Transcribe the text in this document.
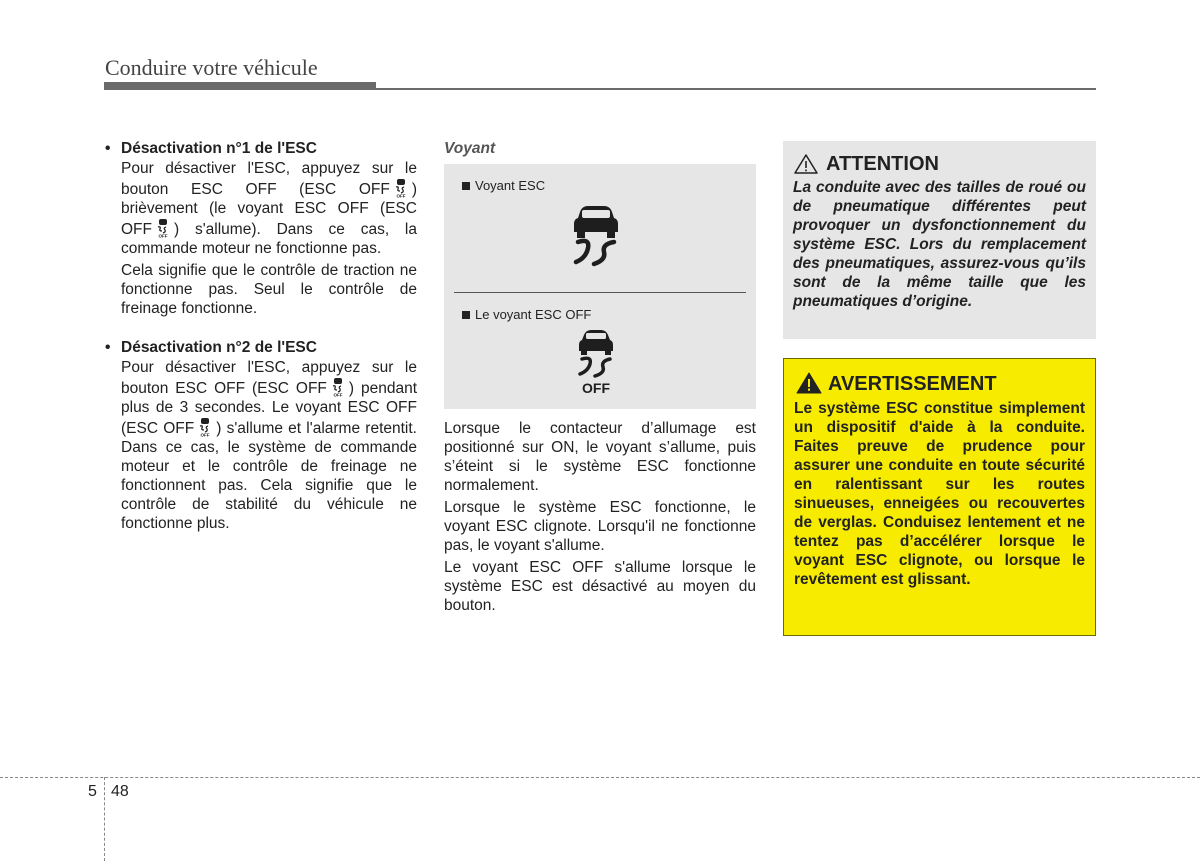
Conduire votre véhicule
• Désactivation n°1 de l'ESC

Pour désactiver l'ESC, appuyez sur le bouton ESC OFF (ESC OFF OFF ) brièvement (le voyant ESC OFF (ESC OFF OFF ) s'allume). Dans ce cas, la commande moteur ne fonctionne pas.

Cela signifie que le contrôle de traction ne fonctionne pas. Seul le contrôle de freinage fonctionne.

• Désactivation n°2 de l'ESC

Pour désactiver l'ESC, appuyez sur le bouton ESC OFF (ESC OFF OFF ) pendant plus de 3 secondes. Le voyant ESC OFF (ESC OFF OFF ) s'allume et l'alarme retentit. Dans ce cas, le système de commande moteur et le contrôle de freinage ne fonctionnent pas. Cela signifie que le contrôle de stabilité du véhicule ne fonctionne plus.

Voyant
Voyant ESC
Le voyant ESC OFF
OFF

Lorsque le contacteur d’allumage est positionné sur ON, le voyant s’allume, puis s’éteint si le système ESC fonctionne normalement.

Lorsque le système ESC fonctionne, le voyant ESC clignote. Lorsqu'il ne fonctionne pas, le voyant s'allume.

Le voyant ESC OFF s'allume lorsque le système ESC est désactivé au moyen du bouton.

ATTENTION
La conduite avec des tailles de roué ou de pneumatique différentes peut provoquer un dysfonctionnement du système ESC. Lors du remplacement des pneumatiques, assurez-vous qu’ils sont de la même taille que les pneumatiques d’origine.
AVERTISSEMENT
Le système ESC constitue simplement un dispositif d'aide à la conduite. Faites preuve de prudence pour assurer une conduite en toute sécurité en ralentissant sur les routes sinueuses, enneigées ou recouvertes de verglas. Conduisez lentement et ne tentez pas d’accélérer lorsque le voyant ESC clignote, ou lorsque le revêtement est glissant.
5 48
